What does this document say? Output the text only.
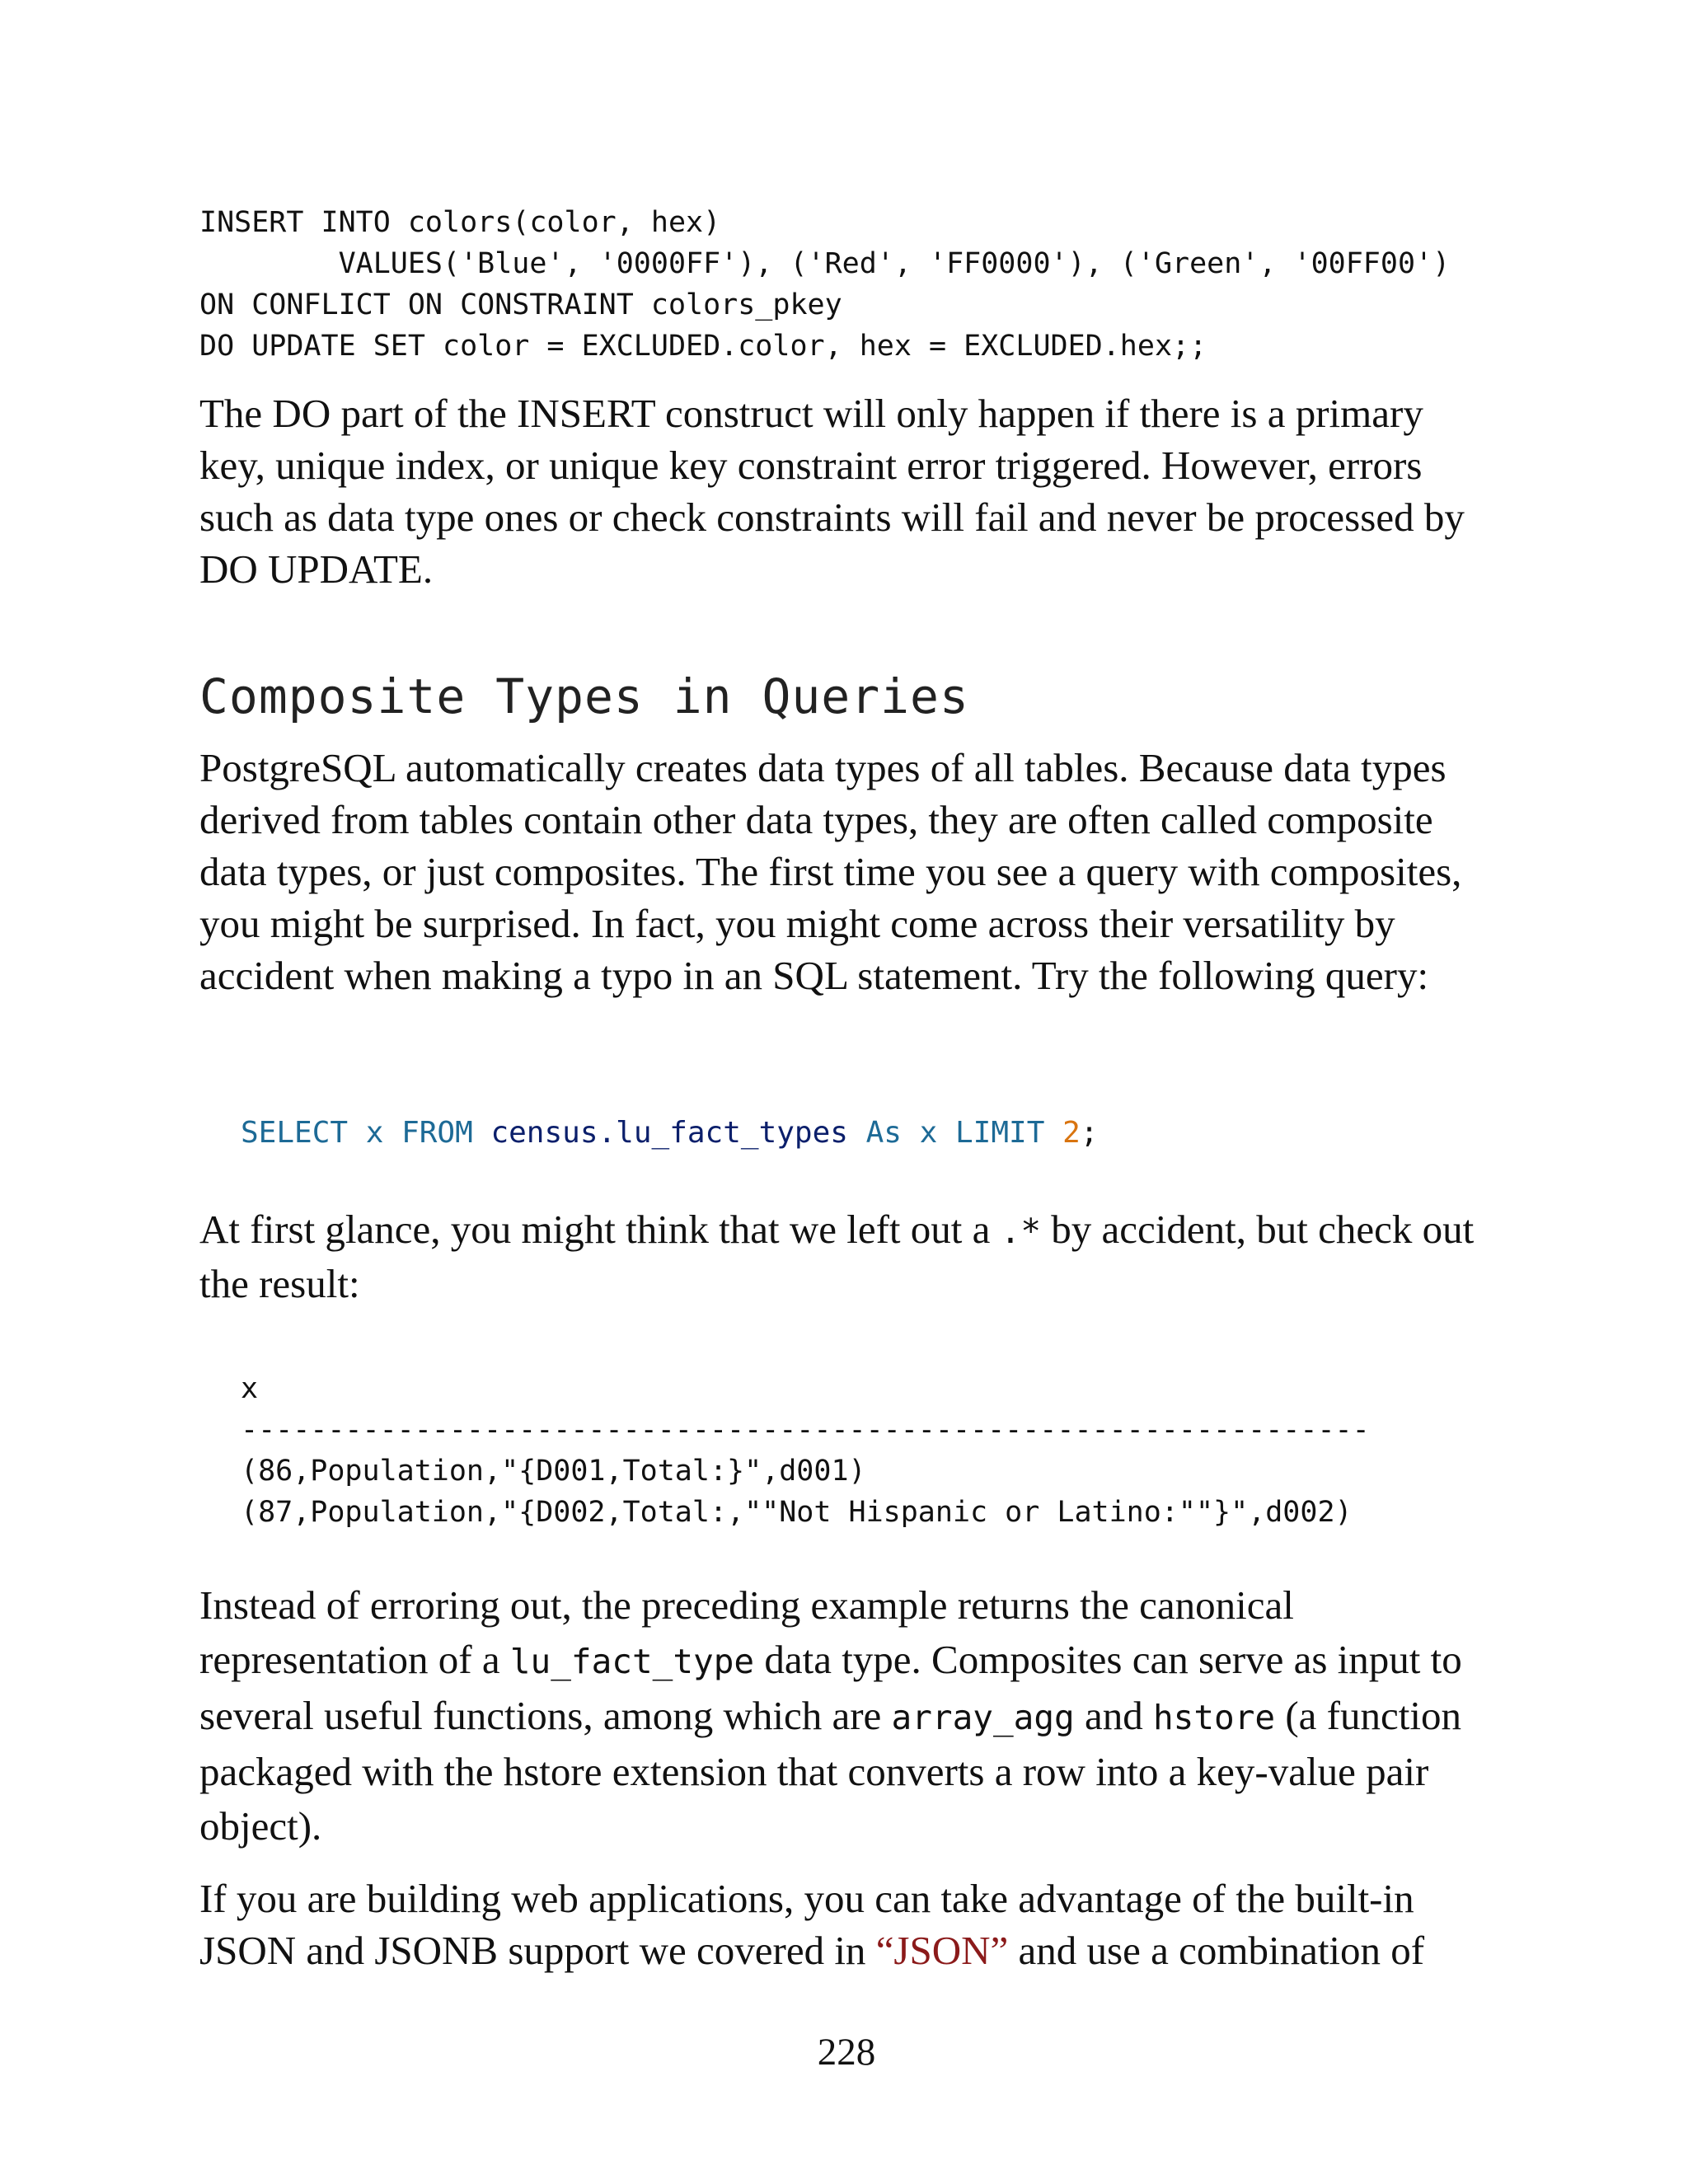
INSERT INTO colors(color, hex)
VALUES('Blue', '0000FF'), ('Red', 'FF0000'), ('Green', '00FF00')
ON CONFLICT ON CONSTRAINT colors_pkey
DO UPDATE SET color = EXCLUDED.color, hex = EXCLUDED.hex;;

The DO part of the INSERT construct will only happen if there is a primary key, unique index, or unique key constraint error triggered. However, errors such as data type ones or check constraints will fail and never be processed by DO UPDATE.

Composite Types in Queries

PostgreSQL automatically creates data types of all tables. Because data types derived from tables contain other data types, they are often called composite data types, or just composites. The first time you see a query with composites, you might be surprised. In fact, you might come across their versatility by accident when making a typo in an SQL statement. Try the following query:

SELECT x FROM census.lu_fact_types As x LIMIT 2;

At first glance, you might think that we left out a .* by accident, but check out the result:

x
-----------------------------------------------------------------
(86,Population,"{D001,Total:}",d001)
(87,Population,"{D002,Total:,""Not Hispanic or Latino:""}",d002)

Instead of erroring out, the preceding example returns the canonical representation of a lu_fact_type data type. Composites can serve as input to several useful functions, among which are array_agg and hstore (a function packaged with the hstore extension that converts a row into a key-value pair object).

If you are building web applications, you can take advantage of the built-in JSON and JSONB support we covered in “JSON” and use a combination of

228
